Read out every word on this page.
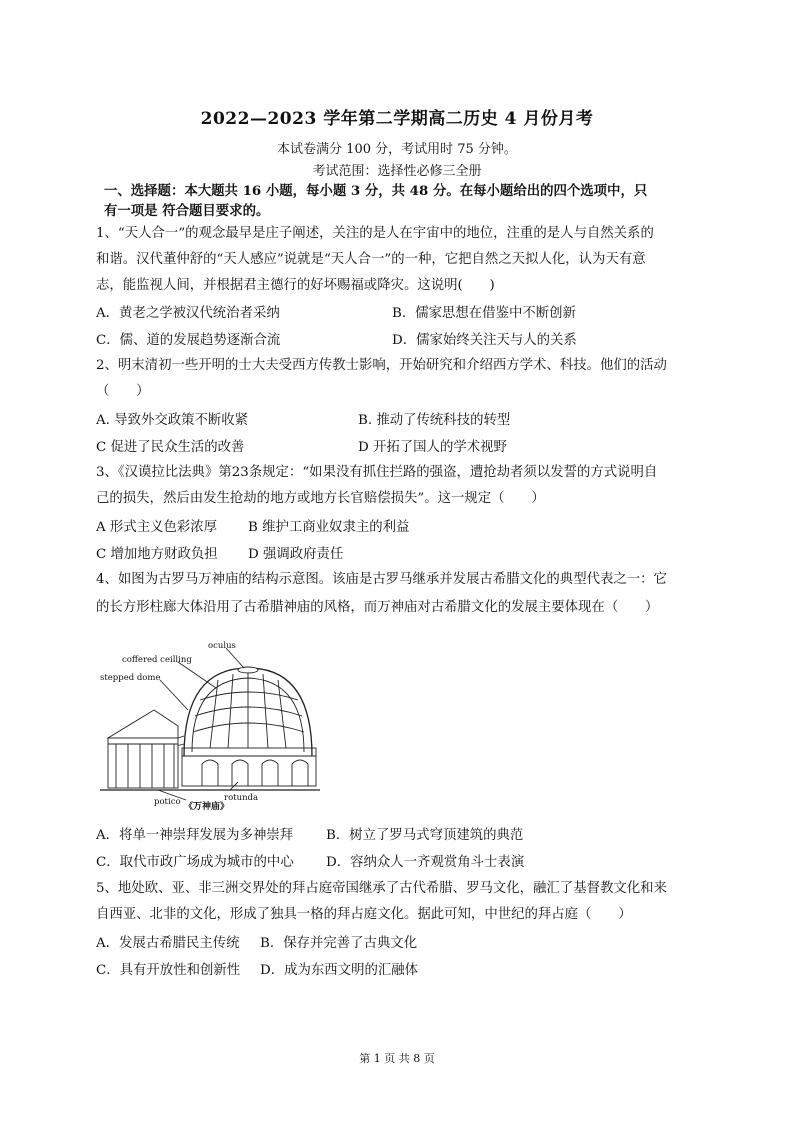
2022—2023 学年第二学期高二历史 4 月份月考
本试卷满分 100 分，考试用时 75 分钟。
考试范围：选择性必修三全册
一、选择题：本大题共 16 小题，每小题 3 分，共 48 分。在每小题给出的四个选项中，只
有一项是 符合题目要求的。
1、“天人合一”的观念最早是庄子阐述，关注的是人在宇宙中的地位，注重的是人与自然关系的
和谐。汉代董仲舒的“天人感应”说就是“天人合一”的一种，它把自然之天拟人化，认为天有意
志，能监视人间，并根据君主德行的好坏赐福或降灾。这说明(　　)
A．黄老之学被汉代统治者采纳	B．儒家思想在借鉴中不断创新
C．儒、道的发展趋势逐渐合流	D．儒家始终关注天与人的关系
2、明末清初一些开明的士大夫受西方传教士影响，开始研究和介绍西方学术、科技。他们的活动
（　　）
A. 导致外交政策不断收紧	B. 推动了传统科技的转型
C 促进了民众生活的改善	D 开拓了国人的学术视野
3、《汉谟拉比法典》第23条规定：“如果没有抓住拦路的强盗，遭抢劫者须以发誓的方式说明自
己的损失，然后由发生抢劫的地方或地方长官赔偿损失”。这一规定（　　）
A 形式主义色彩浓厚 B 维护工商业奴隶主的利益
C 增加地方财政负担 D 强调政府责任
4、如图为古罗马万神庙的结构示意图。该庙是古罗马继承并发展古希腊文化的典型代表之一：它
的长方形柱廊大体沿用了古希腊神庙的风格，而万神庙对古希腊文化的发展主要体现在（　　）
oculus
coffered ceilling
stepped dome
potico	rotunda
《万神庙》
A．将单一神崇拜发展为多神崇拜 B．树立了罗马式穹顶建筑的典范
C．取代市政广场成为城市的中心 D．容纳众人一齐观赏角斗士表演
5、地处欧、亚、非三洲交界处的拜占庭帝国继承了古代希腊、罗马文化，融汇了基督教文化和来
自西亚、北非的文化，形成了独具一格的拜占庭文化。据此可知，中世纪的拜占庭（　　）
A．发展古希腊民主传统 B．保存并完善了古典文化
C．具有开放性和创新性 D．成为东西文明的汇融体
第 1 页 共 8 页
